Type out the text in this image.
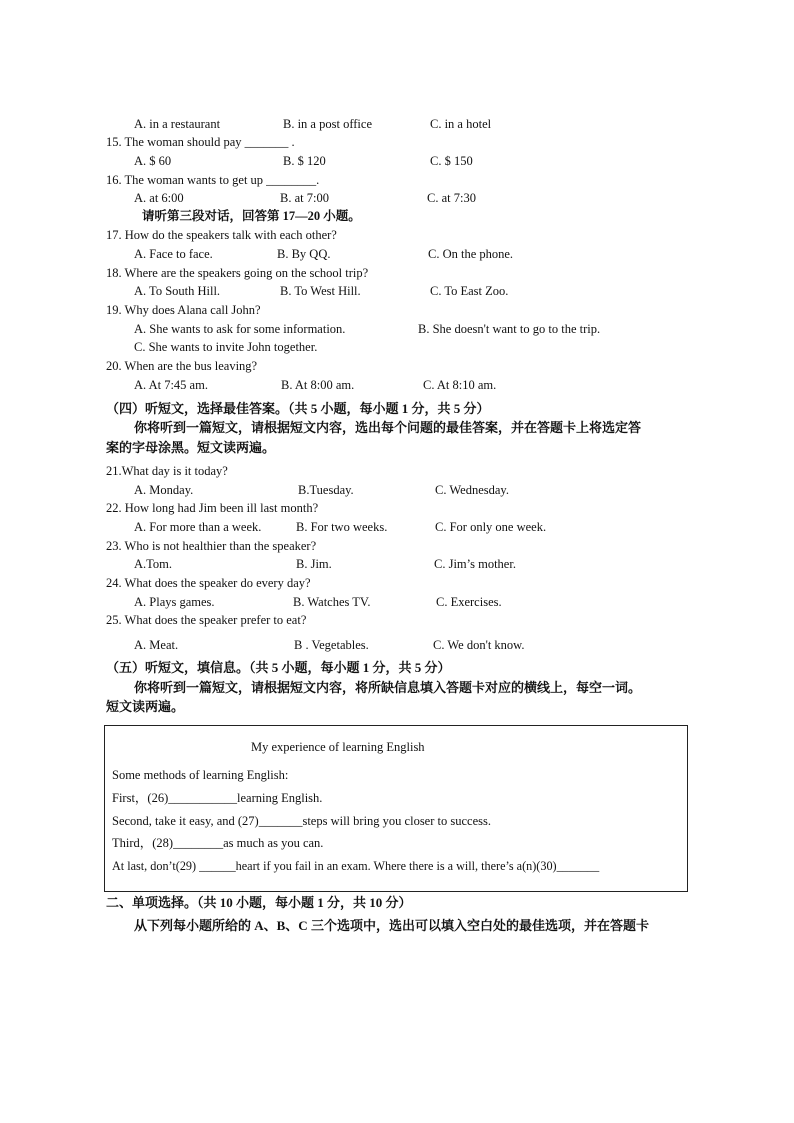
A. in a restaurant	B. in a post office	C. in a hotel
15. The woman should pay _______ .
A. $ 60	B. $ 120	C. $ 150
16. The woman wants to get up ________.
A. at 6:00	B. at 7:00	C. at 7:30
请听第三段对话，回答第 17—20 小题。
17. How do the speakers talk with each other?
A. Face to face.	B. By QQ.	C. On the phone.
18. Where are the speakers going on the school trip?
A. To South Hill.	B. To West Hill.	C. To East Zoo.
19. Why does Alana call John?
A. She wants to ask for some information.	B. She doesn't want to go to the trip.
C. She wants to invite John together.
20. When are the bus leaving?
A. At 7:45 am.	B. At 8:00 am.	C. At 8:10 am.
（四）听短文，选择最佳答案。（共 5 小题，每小题 1 分，共 5 分）
你将听到一篇短文，请根据短文内容，选出每个问题的最佳答案，并在答题卡上将选定答
案的字母涂黑。短文读两遍。
21.What day is it today?
A. Monday.	B.Tuesday.	C. Wednesday.
22. How long had Jim been ill last month?
A. For more than a week.	B. For two weeks.	C. For only one week.
23. Who is not healthier than the speaker?
A.Tom.	B. Jim.	C. Jim’s mother.
24. What does the speaker do every day?
A. Plays games.	B. Watches TV.	C. Exercises.
25. What does the speaker prefer to eat?
A. Meat.	B . Vegetables.	C. We don't know.
（五）听短文，填信息。（共 5 小题，每小题 1 分，共 5 分）
你将听到一篇短文，请根据短文内容，将所缺信息填入答题卡对应的横线上，每空一词。
短文读两遍。
My experience of learning English
Some methods of learning English:
First，(26)___________learning English.
Second, take it easy, and (27)_______steps will bring you closer to success.
Third，(28)________as much as you can.
At last, don’t(29) ______heart if you fail in an exam. Where there is a will, there’s a(n)(30)_______
二、单项选择。（共 10 小题，每小题 1 分，共 10 分）
从下列每小题所给的 A、B、C 三个选项中，选出可以填入空白处的最佳选项，并在答题卡
